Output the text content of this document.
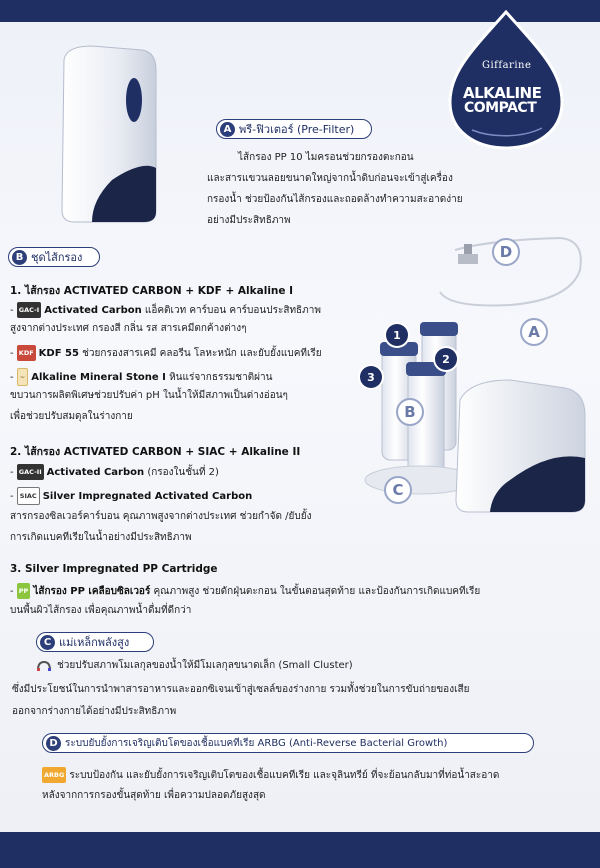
Giffarine
ALKALINE
COMPACT
A พรี-ฟิวเตอร์ (Pre-Filter)
ไส้กรอง PP 10 ไมครอนช่วยกรองตะกอน
และสารแขวนลอยขนาดใหญ่จากน้ำดิบก่อนจะเข้าสู่เครื่อง
กรองน้ำ ช่วยป้องกันไส้กรองและถอดล้างทำความสะอาดง่าย
อย่างมีประสิทธิภาพ
B ชุดไส้กรอง
1. ไส้กรอง ACTIVATED CARBON + KDF + Alkaline I
- GAC-I Activated Carbon แอ็คติเวท คาร์บอน คาร์บอนประสิทธิภาพ
สูงจากต่างประเทศ กรองสี กลิ่น รส สารเคมีตกค้างต่างๆ
- KDF KDF 55 ช่วยกรองสารเคมี คลอรีน โลหะหนัก และยับยั้งแบคทีเรีย
- ~ Alkaline Mineral Stone I หินแร่จากธรรมชาติผ่าน
ขบวนการผลิตพิเศษช่วยปรับค่า pH ในน้ำให้มีสภาพเป็นด่างอ่อนๆ
เพื่อช่วยปรับสมดุลในร่างกาย
2. ไส้กรอง ACTIVATED CARBON + SIAC + Alkaline II
- GAC-II Activated Carbon (กรองในชั้นที่ 2)
- SIAC Silver Impregnated Activated Carbon
สารกรองซิลเวอร์คาร์บอน คุณภาพสูงจากต่างประเทศ ช่วยกำจัด /ยับยั้ง
การเกิดแบคทีเรียในน้ำอย่างมีประสิทธิภาพ
3. Silver Impregnated PP Cartridge
- PP ไส้กรอง PP เคลือบซิลเวอร์ คุณภาพสูง ช่วยดักฝุ่นตะกอน ในขั้นตอนสุดท้าย และป้องกันการเกิดแบคทีเรีย
บนพื้นผิวไส้กรอง เพื่อคุณภาพน้ำดื่มที่ดีกว่า
1
2
3
D
A
B
C
C แม่เหล็กพลังสูง
ช่วยปรับสภาพโมเลกุลของน้ำให้มีโมเลกุลขนาดเล็ก (Small Cluster)
ซึ่งมีประโยชน์ในการนำพาสารอาหารและออกซิเจนเข้าสู่เซลล์ของร่างกาย รวมทั้งช่วยในการขับถ่ายของเสีย
ออกจากร่างกายได้อย่างมีประสิทธิภาพ
D ระบบยับยั้งการเจริญเติบโตของเชื้อแบคทีเรีย ARBG (Anti-Reverse Bacterial Growth)
ARBG ระบบป้องกัน และยับยั้งการเจริญเติบโตของเชื้อแบคทีเรีย และจุลินทรีย์ ที่จะย้อนกลับมาที่ท่อน้ำสะอาด
หลังจากการกรองขั้นสุดท้าย เพื่อความปลอดภัยสูงสุด
